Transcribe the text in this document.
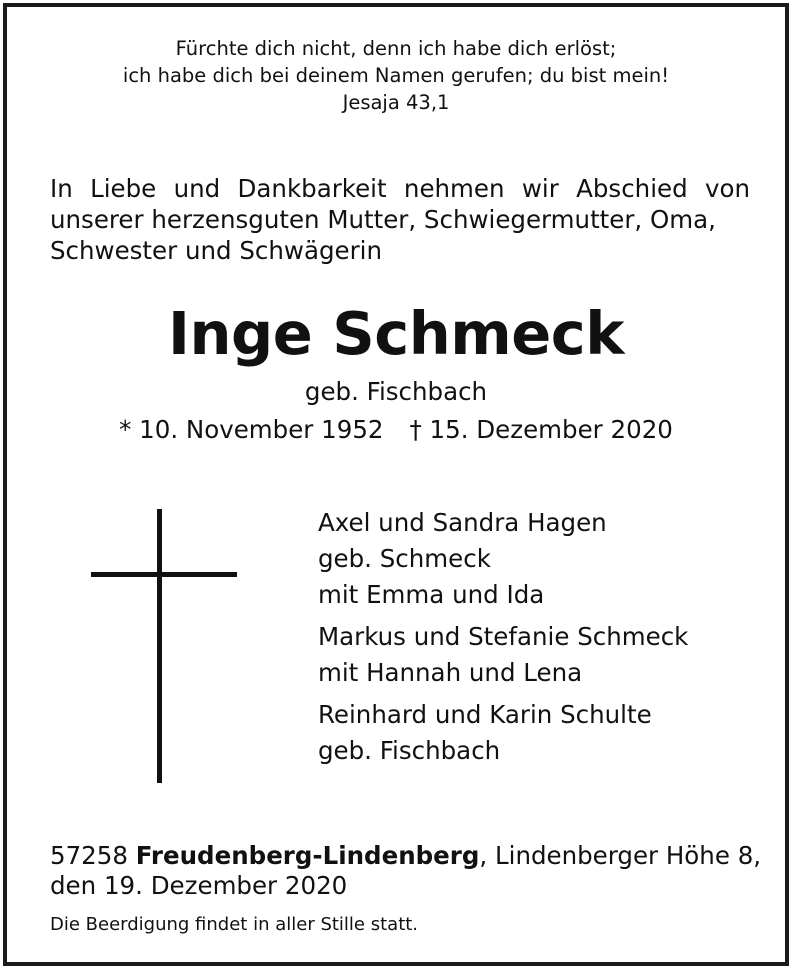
Fürchte dich nicht, denn ich habe dich erlöst;
ich habe dich bei deinem Namen gerufen; du bist mein!
Jesaja 43,1
In Liebe und Dankbarkeit nehmen wir Abschied von unserer herzensguten Mutter, Schwiegermutter, Oma,
Schwester und Schwägerin
Inge Schmeck
geb. Fischbach
* 10. November 1952 † 15. Dezember 2020
Axel und Sandra Hagen
geb. Schmeck
mit Emma und Ida
Markus und Stefanie Schmeck
mit Hannah und Lena
Reinhard und Karin Schulte
geb. Fischbach
57258 Freudenberg-Lindenberg, Lindenberger Höhe 8,
den 19. Dezember 2020
Die Beerdigung findet in aller Stille statt.
